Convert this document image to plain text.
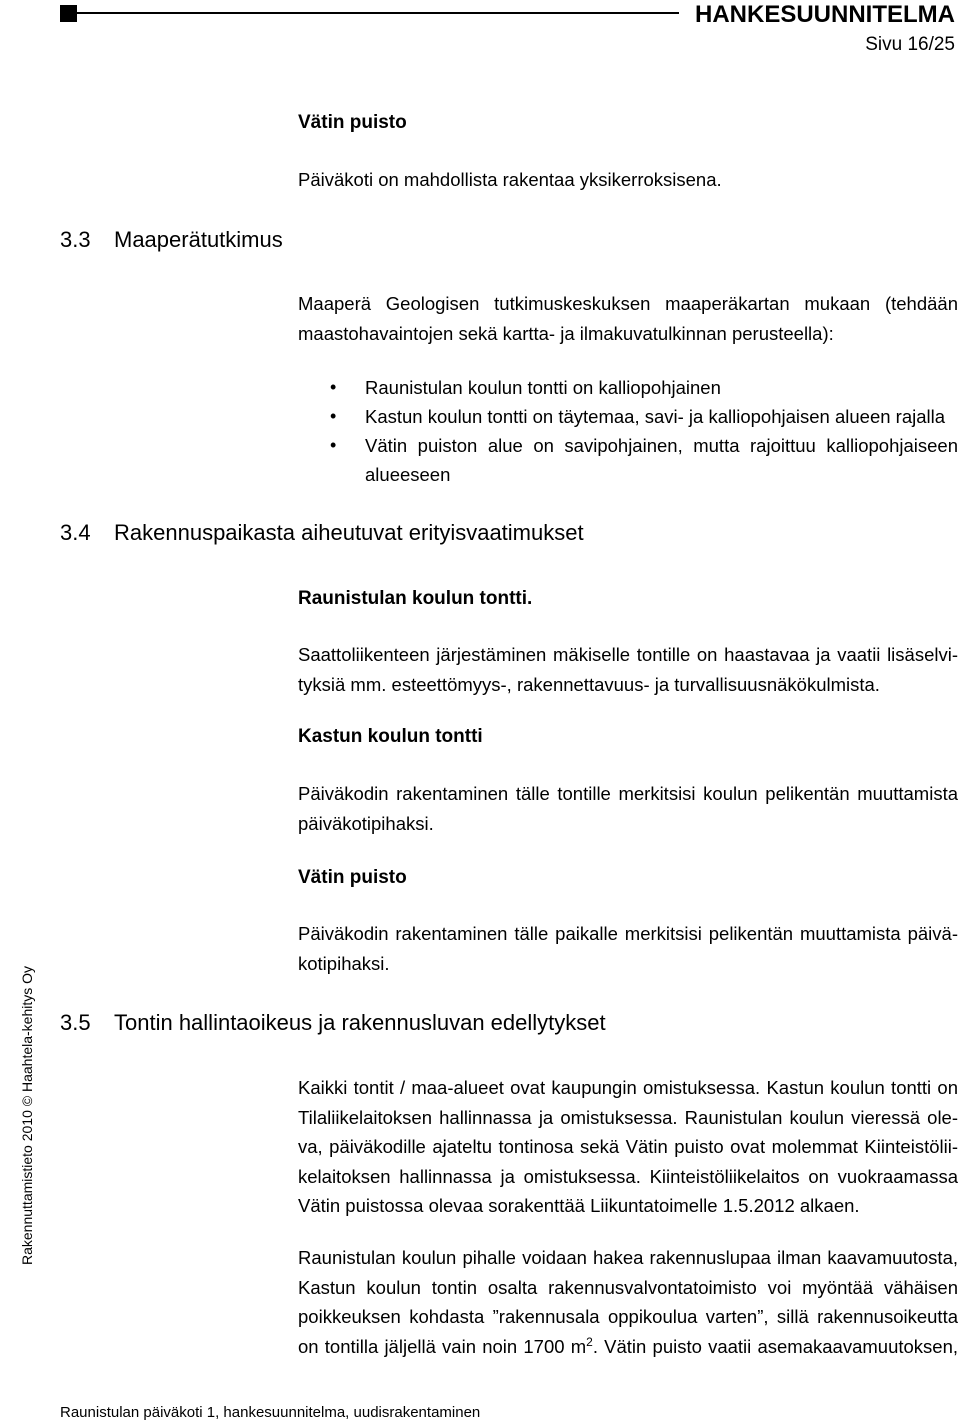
HANKESUUNNITELMA
Sivu 16/25
Vätin puisto
Päiväkoti on mahdollista rakentaa yksikerroksisena.
3.3 Maaperätutkimus
Maaperä Geologisen tutkimuskeskuksen maaperäkartan mukaan (tehdään
maastohavaintojen sekä kartta- ja ilmakuvatulkinnan perusteella):
• Raunistulan koulun tontti on kalliopohjainen
• Kastun koulun tontti on täytemaa, savi- ja kalliopohjaisen alueen rajalla
• Vätin puiston alue on savipohjainen, mutta rajoittuu kalliopohjaiseen
alueeseen
3.4 Rakennuspaikasta aiheutuvat erityisvaatimukset
Raunistulan koulun tontti.
Saattoliikenteen järjestäminen mäkiselle tontille on haastavaa ja vaatii lisäselvi-
tyksiä mm. esteettömyys-, rakennettavuus- ja turvallisuusnäkökulmista.
Kastun koulun tontti
Päiväkodin rakentaminen tälle tontille merkitsisi koulun pelikentän muuttamista
päiväkotipihaksi.
Vätin puisto
Päiväkodin rakentaminen tälle paikalle merkitsisi pelikentän muuttamista päivä-
kotipihaksi.
3.5 Tontin hallintaoikeus ja rakennusluvan edellytykset
Kaikki tontit / maa-alueet ovat kaupungin omistuksessa. Kastun koulun tontti on
Tilaliikelaitoksen hallinnassa ja omistuksessa. Raunistulan koulun vieressä ole-
va, päiväkodille ajateltu tontinosa sekä Vätin puisto ovat molemmat Kiinteistölii-
kelaitoksen hallinnassa ja omistuksessa. Kiinteistöliikelaitos on vuokraamassa
Vätin puistossa olevaa sorakenttää Liikuntatoimelle 1.5.2012 alkaen.
Raunistulan koulun pihalle voidaan hakea rakennuslupaa ilman kaavamuutosta,
Kastun koulun tontin osalta rakennusvalvontatoimisto voi myöntää vähäisen
poikkeuksen kohdasta ”rakennusala oppikoulua varten”, sillä rakennusoikeutta
on tontilla jäljellä vain noin 1700 $m^2$. Vätin puisto vaatii asemakaavamuutoksen,
Rakennuttamistieto 2010 © Haahtela-kehitys Oy
Raunistulan päiväkoti 1, hankesuunnitelma, uudisrakentaminen
